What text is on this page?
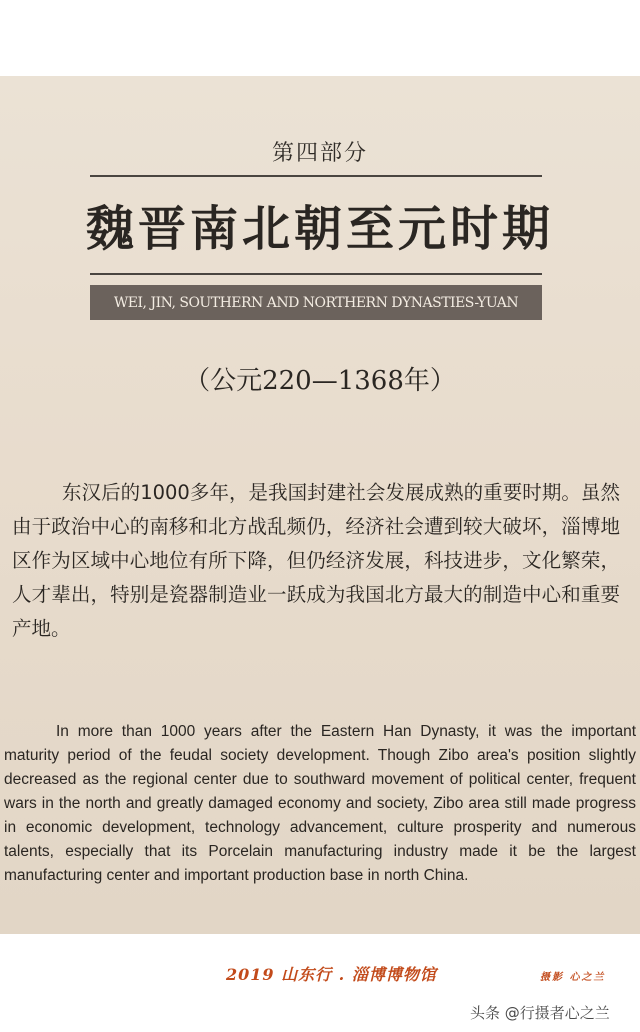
第四部分
魏晋南北朝至元时期
WEI, JIN, SOUTHERN AND NORTHERN DYNASTIES-YUAN
（公元220—1368年）
东汉后的1000多年，是我国封建社会发展成熟的重要时期。虽然由于政治中心的南移和北方战乱频仍，经济社会遭到较大破坏，淄博地区作为区域中心地位有所下降，但仍经济发展，科技进步，文化繁荣，人才辈出，特别是瓷器制造业一跃成为我国北方最大的制造中心和重要产地。
In more than 1000 years after the Eastern Han Dynasty, it was the important maturity period of the feudal society development. Though Zibo area's position slightly decreased as the regional center due to southward movement of political center, frequent wars in the north and greatly damaged economy and society, Zibo area still made progress in economic development, technology advancement, culture prosperity and numerous talents, especially that its Porcelain manufacturing industry made it be the largest manufacturing center and important production base in north China.
2019 山东行 . 淄博博物馆	摄影 心之兰
头条 @行摄者心之兰
